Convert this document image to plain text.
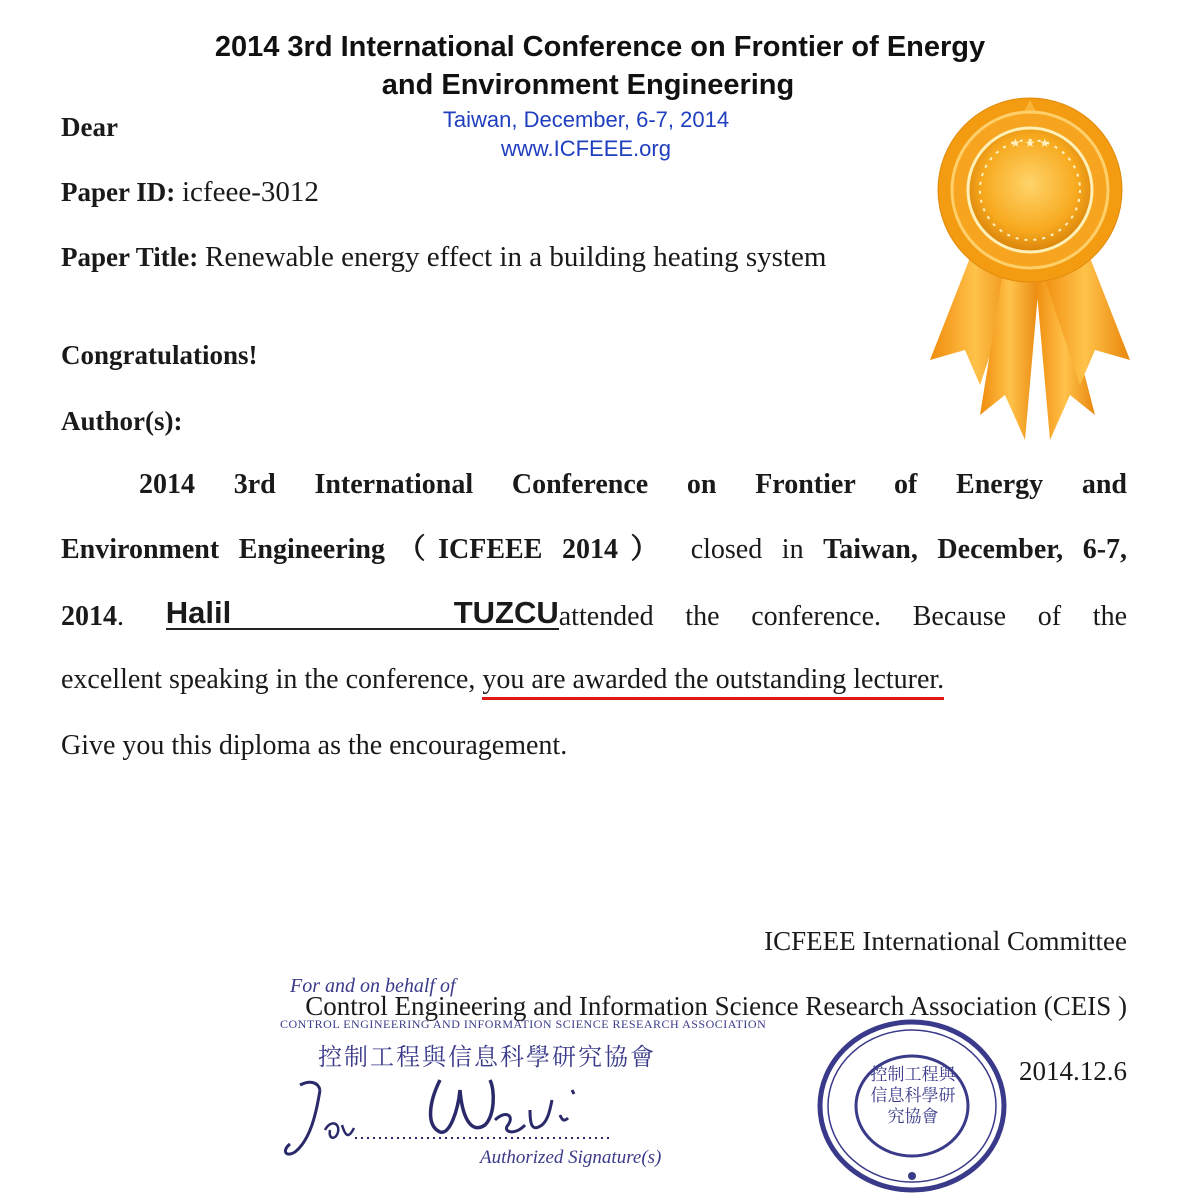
2014 3rd International Conference on Frontier of Energy
and Environment Engineering
Taiwan, December, 6-7, 2014
www.ICFEEE.org	★ ★ ★
Dear
Paper ID: icfeee-3012
Paper Title: Renewable energy effect in a building heating system
Congratulations!
Author(s):
2014 3rd International Conference on Frontier of Energy and
Environment Engineering（ICFEEE 2014） closed in Taiwan, December, 6-7,
2014. Halil TUZCUattended the conference. Because of the
excellent speaking in the conference, you are awarded the outstanding lecturer.
Give you this diploma as the encouragement.
ICFEEE International Committee
Control Engineering and Information Science Research Association (CEIS )
2014.12.6
For and on behalf of
CONTROL ENGINEERING AND INFORMATION SCIENCE RESEARCH ASSOCIATION
控制工程與信息科學研究協會
Authorized Signature(s)
控制工程與信息科學研究協會
